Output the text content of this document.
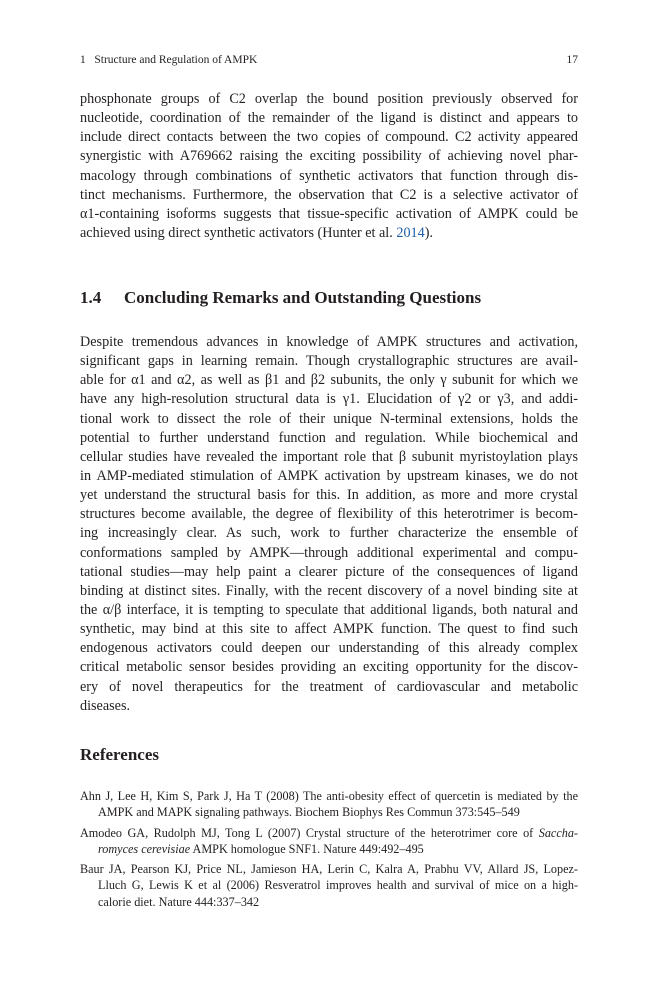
1   Structure and Regulation of AMPK	17
phosphonate groups of C2 overlap the bound position previously observed for
nucleotide, coordination of the remainder of the ligand is distinct and appears to
include direct contacts between the two copies of compound. C2 activity appeared
synergistic with A769662 raising the exciting possibility of achieving novel phar-
macology through combinations of synthetic activators that function through dis-
tinct mechanisms. Furthermore, the observation that C2 is a selective activator of
α1-containing isoforms suggests that tissue-specific activation of AMPK could be
achieved using direct synthetic activators (Hunter et al. 2014).
1.4 Concluding Remarks and Outstanding Questions
Despite tremendous advances in knowledge of AMPK structures and activation,
significant gaps in learning remain. Though crystallographic structures are avail-
able for α1 and α2, as well as β1 and β2 subunits, the only γ subunit for which we
have any high-resolution structural data is γ1. Elucidation of γ2 or γ3, and addi-
tional work to dissect the role of their unique N-terminal extensions, holds the
potential to further understand function and regulation. While biochemical and
cellular studies have revealed the important role that β subunit myristoylation plays
in AMP-mediated stimulation of AMPK activation by upstream kinases, we do not
yet understand the structural basis for this. In addition, as more and more crystal
structures become available, the degree of flexibility of this heterotrimer is becom-
ing increasingly clear. As such, work to further characterize the ensemble of
conformations sampled by AMPK—through additional experimental and compu-
tational studies—may help paint a clearer picture of the consequences of ligand
binding at distinct sites. Finally, with the recent discovery of a novel binding site at
the α/β interface, it is tempting to speculate that additional ligands, both natural and
synthetic, may bind at this site to affect AMPK function. The quest to find such
endogenous activators could deepen our understanding of this already complex
critical metabolic sensor besides providing an exciting opportunity for the discov-
ery of novel therapeutics for the treatment of cardiovascular and metabolic
diseases.
References
Ahn J, Lee H, Kim S, Park J, Ha T (2008) The anti-obesity effect of quercetin is mediated by the
AMPK and MAPK signaling pathways. Biochem Biophys Res Commun 373:545–549
Amodeo GA, Rudolph MJ, Tong L (2007) Crystal structure of the heterotrimer core of Saccha-
romyces cerevisiae AMPK homologue SNF1. Nature 449:492–495
Baur JA, Pearson KJ, Price NL, Jamieson HA, Lerin C, Kalra A, Prabhu VV, Allard JS, Lopez-
Lluch G, Lewis K et al (2006) Resveratrol improves health and survival of mice on a high-
calorie diet. Nature 444:337–342
